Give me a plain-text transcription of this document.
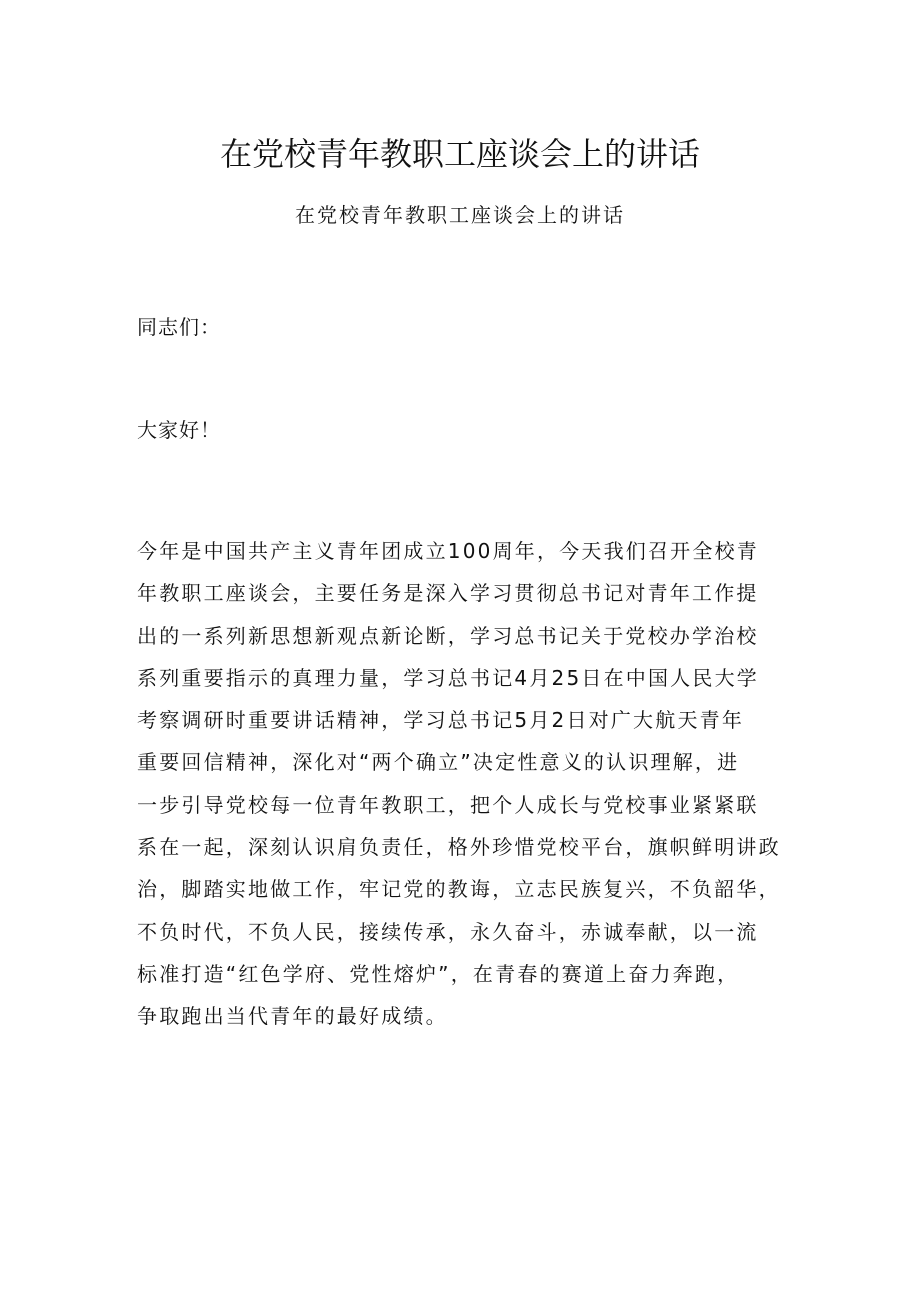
在党校青年教职工座谈会上的讲话
在党校青年教职工座谈会上的讲话
同志们：
大家好！
今年是中国共产主义青年团成立100周年，今天我们召开全校青
年教职工座谈会，主要任务是深入学习贯彻总书记对青年工作提
出的一系列新思想新观点新论断，学习总书记关于党校办学治校
系列重要指示的真理力量，学习总书记4月25日在中国人民大学
考察调研时重要讲话精神，学习总书记5月2日对广大航天青年
重要回信精神，深化对“两个确立”决定性意义的认识理解，进
一步引导党校每一位青年教职工，把个人成长与党校事业紧紧联
系在一起，深刻认识肩负责任，格外珍惜党校平台，旗帜鲜明讲政
治，脚踏实地做工作，牢记党的教诲，立志民族复兴，不负韶华，
不负时代，不负人民，接续传承，永久奋斗，赤诚奉献，以一流
标准打造“红色学府、党性熔炉”，在青春的赛道上奋力奔跑，
争取跑出当代青年的最好成绩。
